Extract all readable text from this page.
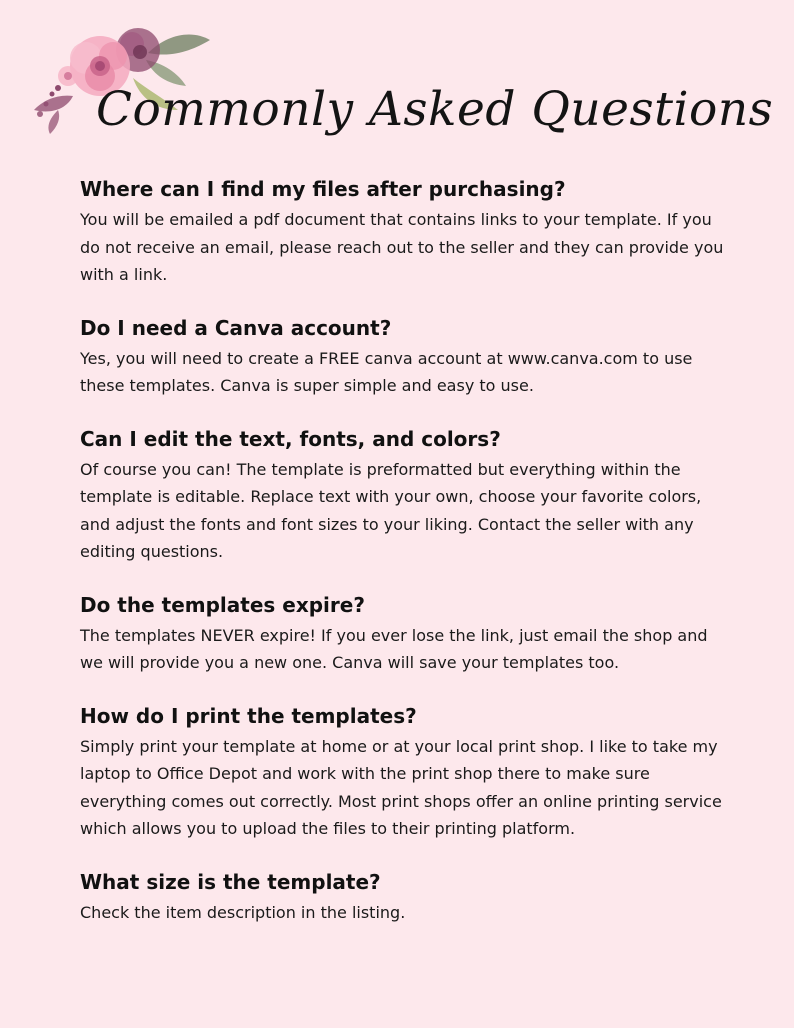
Commonly Asked Questions
Where can I find my files after purchasing?

You will be emailed a pdf document that contains links to your template. If you do not receive an email, please reach out to the seller and they can provide you with a link.

Do I need a Canva account?

Yes, you will need to create a FREE canva account at www.canva.com to use these templates. Canva is super simple and easy to use.

Can I edit the text, fonts, and colors?

Of course you can! The template is preformatted but everything within the template is editable. Replace text with your own, choose your favorite colors, and adjust the fonts and font sizes to your liking. Contact the seller with any editing questions.

Do the templates expire?

The templates NEVER expire! If you ever lose the link, just email the shop and we will provide you a new one. Canva will save your templates too.

How do I print the templates?

Simply print your template at home or at your local print shop. I like to take my laptop to Office Depot and work with the print shop there to make sure everything comes out correctly. Most print shops offer an online printing service which allows you to upload the files to their printing platform.

What size is the template?

Check the item description in the listing.
